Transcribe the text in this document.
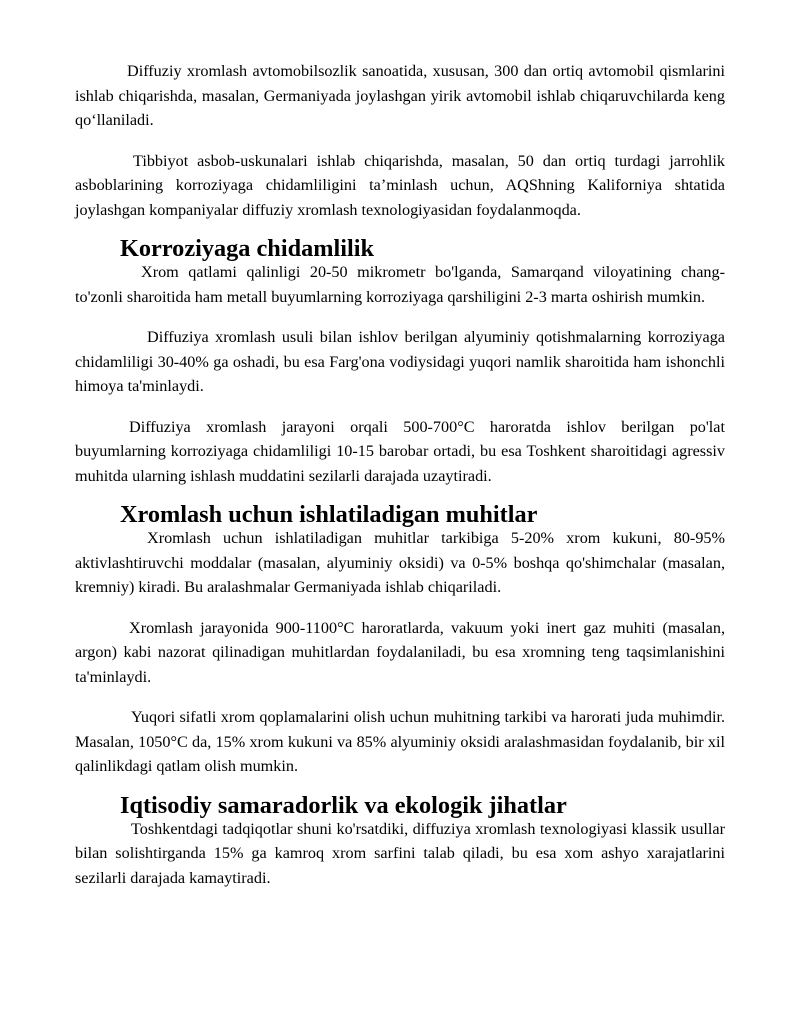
Diffuziy xromlash avtomobilsozlik sanoatida, xususan, 300 dan ortiq avtomobil qismlarini ishlab chiqarishda, masalan, Germaniyada joylashgan yirik avtomobil ishlab chiqaruvchilarda keng qo‘llaniladi.

Tibbiyot asbob-uskunalari ishlab chiqarishda, masalan, 50 dan ortiq turdagi jarrohlik asboblarining korroziyaga chidamliligini ta’minlash uchun, AQShning Kaliforniya shtatida joylashgan kompaniyalar diffuziy xromlash texnologiyasidan foydalanmoqda.

Korroziyaga chidamlilik

Xrom qatlami qalinligi 20-50 mikrometr bo'lganda, Samarqand viloyatining chang-to'zonli sharoitida ham metall buyumlarning korroziyaga qarshiligini 2-3 marta oshirish mumkin.

Diffuziya xromlash usuli bilan ishlov berilgan alyuminiy qotishmalarning korroziyaga chidamliligi 30-40% ga oshadi, bu esa Farg'ona vodiysidagi yuqori namlik sharoitida ham ishonchli himoya ta'minlaydi.

Diffuziya xromlash jarayoni orqali 500-700°C haroratda ishlov berilgan po'lat buyumlarning korroziyaga chidamliligi 10-15 barobar ortadi, bu esa Toshkent sharoitidagi agressiv muhitda ularning ishlash muddatini sezilarli darajada uzaytiradi.

Xromlash uchun ishlatiladigan muhitlar

Xromlash uchun ishlatiladigan muhitlar tarkibiga 5-20% xrom kukuni, 80-95% aktivlashtiruvchi moddalar (masalan, alyuminiy oksidi) va 0-5% boshqa qo'shimchalar (masalan, kremniy) kiradi. Bu aralashmalar Germaniyada ishlab chiqariladi.

Xromlash jarayonida 900-1100°C haroratlarda, vakuum yoki inert gaz muhiti (masalan, argon) kabi nazorat qilinadigan muhitlardan foydalaniladi, bu esa xromning teng taqsimlanishini ta'minlaydi.

Yuqori sifatli xrom qoplamalarini olish uchun muhitning tarkibi va harorati juda muhimdir. Masalan, 1050°C da, 15% xrom kukuni va 85% alyuminiy oksidi aralashmasidan foydalanib, bir xil qalinlikdagi qatlam olish mumkin.

Iqtisodiy samaradorlik va ekologik jihatlar

Toshkentdagi tadqiqotlar shuni ko'rsatdiki, diffuziya xromlash texnologiyasi klassik usullar bilan solishtirganda 15% ga kamroq xrom sarfini talab qiladi, bu esa xom ashyo xarajatlarini sezilarli darajada kamaytiradi.
